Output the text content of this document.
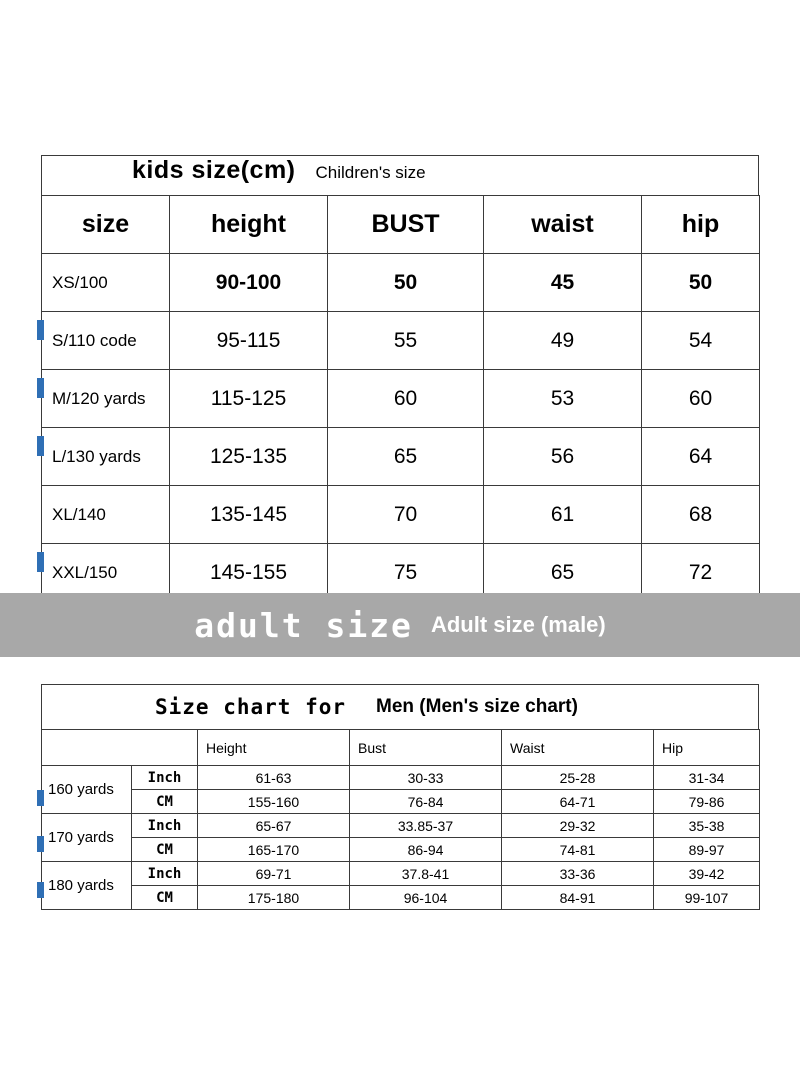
kids size(cm) Children's size
size	height	BUST	waist	hip
XS/100	90-100	50	45	50
S/110 code	95-115	55	49	54
M/120 yards	115-125	60	53	60
L/130 yards	125-135	65	56	64
XL/140	135-145	70	61	68
XXL/150	145-155	75	65	72
adult size Adult size (male)
Size chart for Men (Men's size chart)
		Height	Bust	Waist	Hip
160 yards	Inch	61-63	30-33	25-28	31-34
	CM	155-160	76-84	64-71	79-86
170 yards	Inch	65-67	33.85-37	29-32	35-38
	CM	165-170	86-94	74-81	89-97
180 yards	Inch	69-71	37.8-41	33-36	39-42
	CM	175-180	96-104	84-91	99-107
